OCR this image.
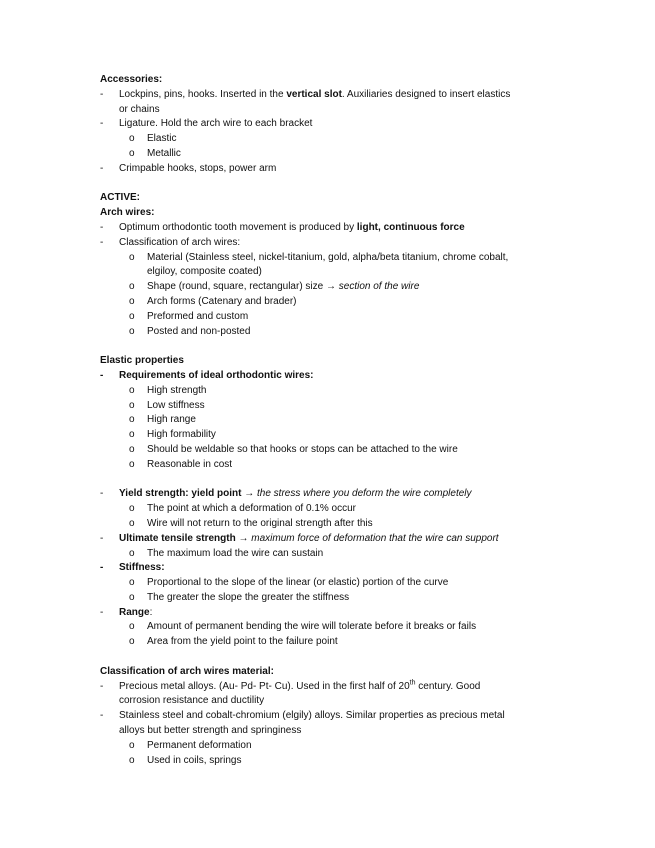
Accessories:
- Lockpins, pins, hooks. Inserted in the vertical slot. Auxiliaries designed to insert elastics
or chains
- Ligature. Hold the arch wire to each bracket
o Elastic
o Metallic
- Crimpable hooks, stops, power arm
ACTIVE:
Arch wires:
- Optimum orthodontic tooth movement is produced by light, continuous force
- Classification of arch wires:
o Material (Stainless steel, nickel-titanium, gold, alpha/beta titanium, chrome cobalt,
elgiloy, composite coated)
o Shape (round, square, rectangular) size → section of the wire
o Arch forms (Catenary and brader)
o Preformed and custom
o Posted and non-posted
Elastic properties
- Requirements of ideal orthodontic wires:
o High strength
o Low stiffness
o High range
o High formability
o Should be weldable so that hooks or stops can be attached to the wire
o Reasonable in cost
- Yield strength: yield point → the stress where you deform the wire completely
o The point at which a deformation of 0.1% occur
o Wire will not return to the original strength after this
- Ultimate tensile strength → maximum force of deformation that the wire can support
o The maximum load the wire can sustain
- Stiffness:
o Proportional to the slope of the linear (or elastic) portion of the curve
o The greater the slope the greater the stiffness
- Range:
o Amount of permanent bending the wire will tolerate before it breaks or fails
o Area from the yield point to the failure point
Classification of arch wires material:
- Precious metal alloys. (Au- Pd- Pt- Cu). Used in the first half of 20th century. Good
corrosion resistance and ductility
- Stainless steel and cobalt-chromium (elgily) alloys. Similar properties as precious metal
alloys but better strength and springiness
o Permanent deformation
o Used in coils, springs
